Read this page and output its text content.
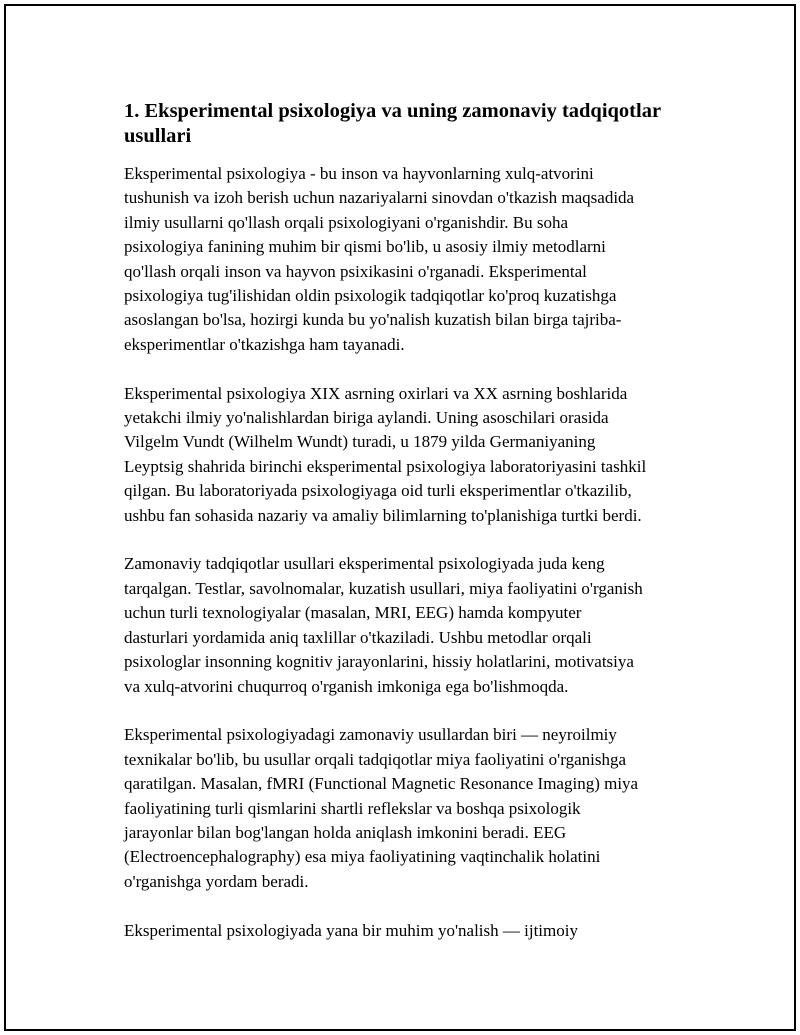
1. Eksperimental psixologiya va uning zamonaviy tadqiqotlar
usullari

Eksperimental psixologiya - bu inson va hayvonlarning xulq-atvorini
tushunish va izoh berish uchun nazariyalarni sinovdan o'tkazish maqsadida
ilmiy usullarni qo'llash orqali psixologiyani o'rganishdir. Bu soha
psixologiya fanining muhim bir qismi bo'lib, u asosiy ilmiy metodlarni
qo'llash orqali inson va hayvon psixikasini o'rganadi. Eksperimental
psixologiya tug'ilishidan oldin psixologik tadqiqotlar ko'proq kuzatishga
asoslangan bo'lsa, hozirgi kunda bu yo'nalish kuzatish bilan birga tajriba-
eksperimentlar o'tkazishga ham tayanadi.

Eksperimental psixologiya XIX asrning oxirlari va XX asrning boshlarida
yetakchi ilmiy yo'nalishlardan biriga aylandi. Uning asoschilari orasida
Vilgelm Vundt (Wilhelm Wundt) turadi, u 1879 yilda Germaniyaning
Leyptsig shahrida birinchi eksperimental psixologiya laboratoriyasini tashkil
qilgan. Bu laboratoriyada psixologiyaga oid turli eksperimentlar o'tkazilib,
ushbu fan sohasida nazariy va amaliy bilimlarning to'planishiga turtki berdi.

Zamonaviy tadqiqotlar usullari eksperimental psixologiyada juda keng
tarqalgan. Testlar, savolnomalar, kuzatish usullari, miya faoliyatini o'rganish
uchun turli texnologiyalar (masalan, MRI, EEG) hamda kompyuter
dasturlari yordamida aniq taxlillar o'tkaziladi. Ushbu metodlar orqali
psixologlar insonning kognitiv jarayonlarini, hissiy holatlarini, motivatsiya
va xulq-atvorini chuqurroq o'rganish imkoniga ega bo'lishmoqda.

Eksperimental psixologiyadagi zamonaviy usullardan biri — neyroilmiy
texnikalar bo'lib, bu usullar orqali tadqiqotlar miya faoliyatini o'rganishga
qaratilgan. Masalan, fMRI (Functional Magnetic Resonance Imaging) miya
faoliyatining turli qismlarini shartli reflekslar va boshqa psixologik
jarayonlar bilan bog'langan holda aniqlash imkonini beradi. EEG
(Electroencephalography) esa miya faoliyatining vaqtinchalik holatini
o'rganishga yordam beradi.

Eksperimental psixologiyada yana bir muhim yo'nalish — ijtimoiy
